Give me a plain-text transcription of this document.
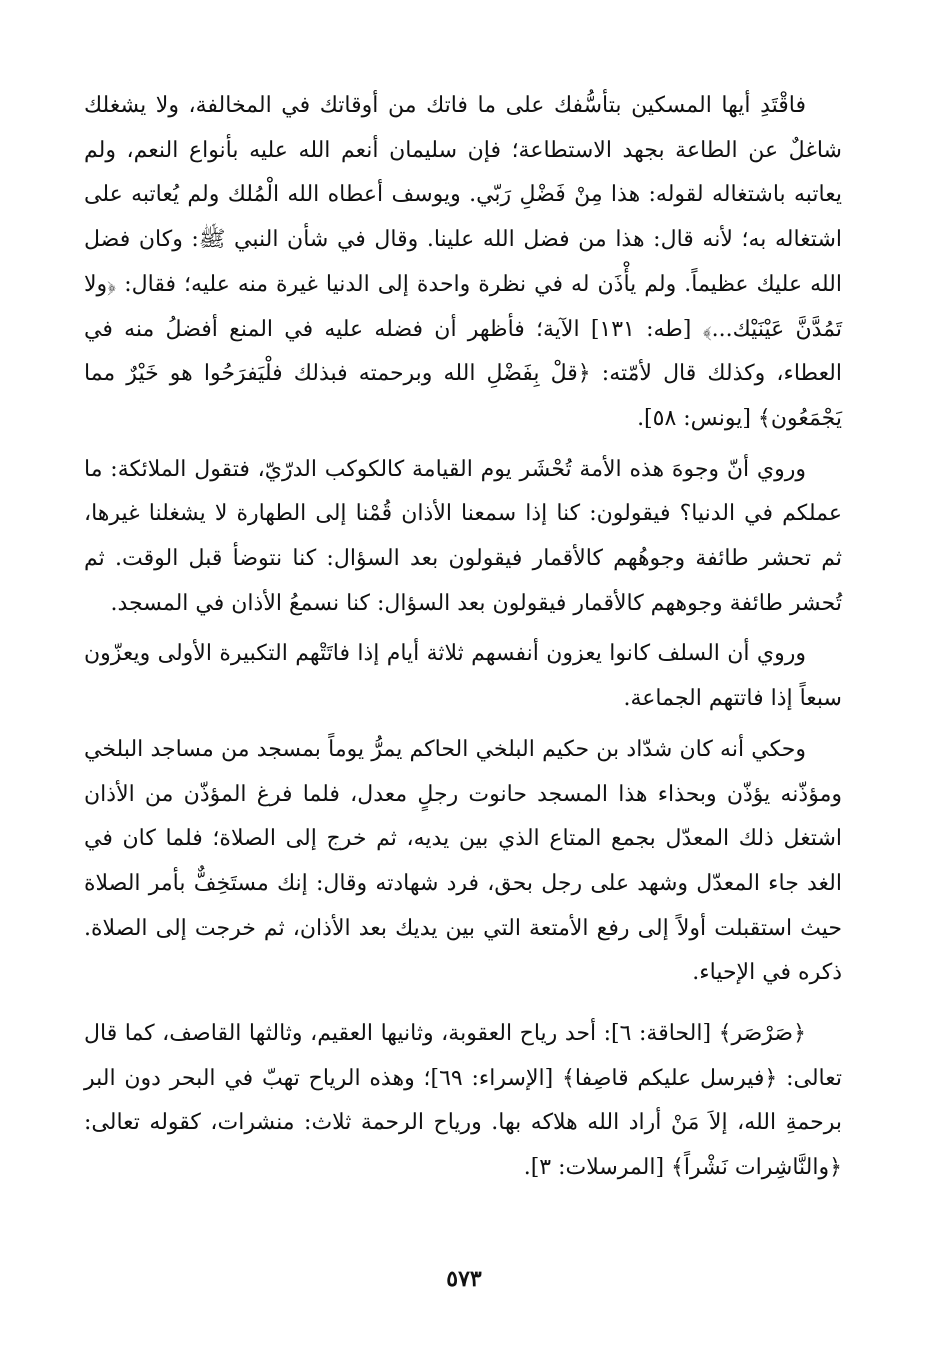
فاقْتَدِ أيها المسكين بتأسُّفك على ما فاتك من أوقاتك في المخالفة، ولا يشغلك شاغلٌ عن الطاعة بجهد الاستطاعة؛ فإن سليمان أنعم الله عليه بأنواع النعم، ولم يعاتبه باشتغاله لقوله: هذا مِنْ فَضْلِ رَبّي. ويوسف أعطاه الله الْمُلك ولم يُعاتبه على اشتغاله به؛ لأنه قال: هذا من فضل الله علينا. وقال في شأن النبي ﷺ: وكان فضل الله عليك عظيماً. ولم يأْذَن له في نظرة واحدة إلى الدنيا غيرة منه عليه؛ فقال: ﴿ولا تَمُدَّنَّ عَيْنَيْك...﴾ [طه: ١٣١] الآية؛ فأظهر أن فضله عليه في المنع أفضلُ منه في العطاء، وكذلك قال لأمّته: ﴿قلْ بِفَضْلِ الله وبرحمته فبذلك فلْيَفرَحُوا هو خَيْرٌ مما يَجْمَعُون﴾ [يونس: ٥٨].

وروي أنّ وجوهَ هذه الأمة تُحْشَر يوم القيامة كالكوكب الدرّيّ، فتقول الملائكة: ما عملكم في الدنيا؟ فيقولون: كنا إذا سمعنا الأذان قُمْنا إلى الطهارة لا يشغلنا غيرها، ثم تحشر طائفة وجوهُهم كالأقمار فيقولون بعد السؤال: كنا نتوضأ قبل الوقت. ثم تُحشر طائفة وجوههم كالأقمار فيقولون بعد السؤال: كنا نسمعُ الأذان في المسجد.

وروي أن السلف كانوا يعزون أنفسهم ثلاثة أيام إذا فاتَتْهم التكبيرة الأولى ويعزّون سبعاً إذا فاتتهم الجماعة.

وحكي أنه كان شدّاد بن حكيم البلخي الحاكم يمرُّ يوماً بمسجد من مساجد البلخي ومؤذّنه يؤذّن وبحذاء هذا المسجد حانوت رجلٍ معدل، فلما فرغ المؤذّن من الأذان اشتغل ذلك المعدّل بجمع المتاع الذي بين يديه، ثم خرج إلى الصلاة؛ فلما كان في الغد جاء المعدّل وشهد على رجل بحق، فرد شهادته وقال: إنك مستَخِفٌّ بأمر الصلاة حيث استقبلت أولاً إلى رفع الأمتعة التي بين يديك بعد الأذان، ثم خرجت إلى الصلاة. ذكره في الإحياء.

﴿صَرْصَر﴾ [الحاقة: ٦]: أحد رياح العقوبة، وثانيها العقيم، وثالثها القاصف، كما قال تعالى: ﴿فيرسل عليكم قاصِفا﴾ [الإسراء: ٦٩]؛ وهذه الرياح تهبّ في البحر دون البر برحمةِ الله، إلاَ مَنْ أراد الله هلاكه بها. ورياح الرحمة ثلاث: منشرات، كقوله تعالى: ﴿والنَّاشِرات نَشْراً﴾ [المرسلات: ٣].

٥٧٣
